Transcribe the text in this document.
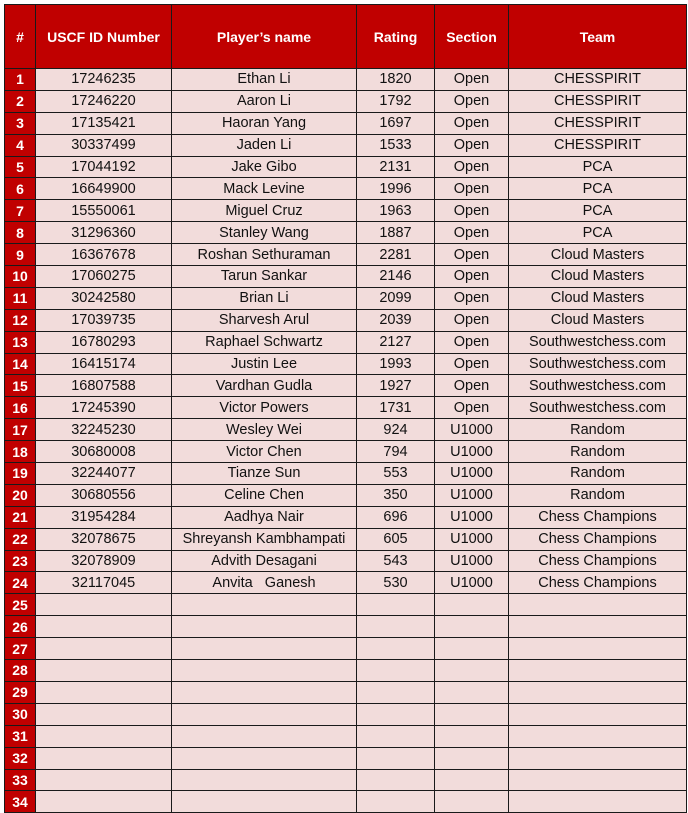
#	USCF ID Number	Player’s name	Rating	Section	Team
1	17246235	Ethan Li	1820	Open	CHESSPIRIT
2	17246220	Aaron Li	1792	Open	CHESSPIRIT
3	17135421	Haoran Yang	1697	Open	CHESSPIRIT
4	30337499	Jaden Li	1533	Open	CHESSPIRIT
5	17044192	Jake Gibo	2131	Open	PCA
6	16649900	Mack Levine	1996	Open	PCA
7	15550061	Miguel Cruz	1963	Open	PCA
8	31296360	Stanley Wang	1887	Open	PCA
9	16367678	Roshan Sethuraman	2281	Open	Cloud Masters
10	17060275	Tarun Sankar	2146	Open	Cloud Masters
11	30242580	Brian Li	2099	Open	Cloud Masters
12	17039735	Sharvesh Arul	2039	Open	Cloud Masters
13	16780293	Raphael Schwartz	2127	Open	Southwestchess.com
14	16415174	Justin Lee	1993	Open	Southwestchess.com
15	16807588	Vardhan Gudla	1927	Open	Southwestchess.com
16	17245390	Victor Powers	1731	Open	Southwestchess.com
17	32245230	Wesley Wei	924	U1000	Random
18	30680008	Victor Chen	794	U1000	Random
19	32244077	Tianze Sun	553	U1000	Random
20	30680556	Celine Chen	350	U1000	Random
21	31954284	Aadhya Nair	696	U1000	Chess Champions
22	32078675	Shreyansh Kambhampati	605	U1000	Chess Champions
23	32078909	Advith Desagani	543	U1000	Chess Champions
24	32117045	Anvita   Ganesh	530	U1000	Chess Champions
25					
26					
27					
28					
29					
30					
31					
32					
33					
34					
